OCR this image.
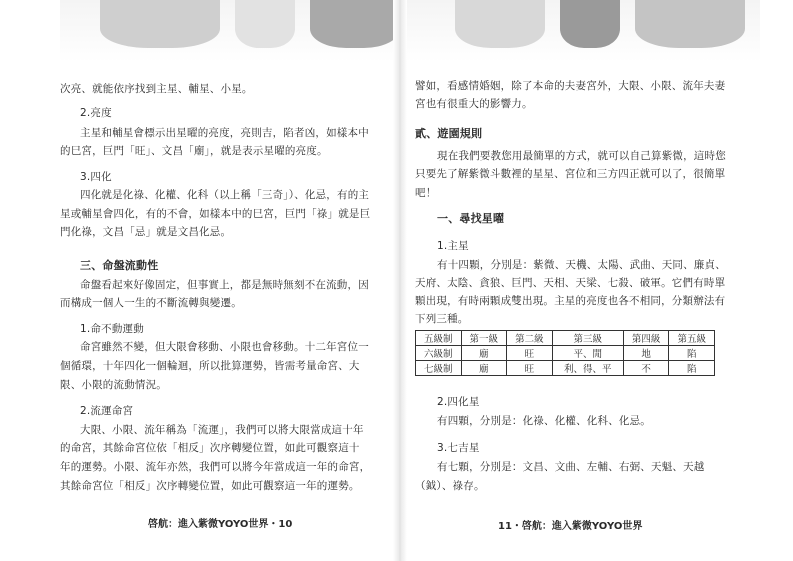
次亮、就能依序找到主星、輔星、小星。
2.亮度
主星和輔星會標示出星曜的亮度，亮則吉，陷者凶，如樣本中
的巳宮，巨門「旺」、文昌「廟」，就是表示星曜的亮度。
3.四化
四化就是化祿、化權、化科（以上稱「三奇」）、化忌，有的主
星或輔星會四化，有的不會，如樣本中的巳宮，巨門「祿」就是巨
門化祿，文昌「忌」就是文昌化忌。
三、命盤流動性
命盤看起來好像固定，但事實上，都是無時無刻不在流動，因
而構成一個人一生的不斷流轉與變遷。
1.命不動運動
命宮雖然不變，但大限會移動、小限也會移動。十二年宮位一
個循環，十年四化一個輪迴，所以批算運勢，皆需考量命宮、大
限、小限的流動情況。
2.流運命宮
大限、小限、流年稱為「流運」，我們可以將大限當成這十年
的命宮，其餘命宮位依「相反」次序轉變位置，如此可觀察這十
年的運勢。小限、流年亦然，我們可以將今年當成這一年的命宮，
其餘命宮位「相反」次序轉變位置，如此可觀察這一年的運勢。
啓航：進入紫微YOYO世界・10
譬如，看感情婚姻，除了本命的夫妻宮外，大限、小限、流年夫妻
宮也有很重大的影響力。
貳、遊園規則
現在我們要教您用最簡單的方式，就可以自己算紫微，這時您
只要先了解紫微斗數裡的星星、宮位和三方四正就可以了，很簡單
吧！
一、尋找星曜
1.主星
有十四顆，分別是：紫微、天機、太陽、武曲、天同、廉貞、
天府、太陰、貪狼、巨門、天相、天梁、七殺、破軍。它們有時單
顆出現，有時兩顆成雙出現。主星的亮度也各不相同，分類辦法有
下列三種。
2.四化星
有四顆，分別是：化祿、化權、化科、化忌。
3.七吉星
有七顆，分別是：文昌、文曲、左輔、右弼、天魁、天越
（鉞）、祿存。
11・啓航：進入紫微YOYO世界
五級制	第一級	第二級	第三級	第四級	第五級
六級制	廟	旺	平、閒	地	陷
七級制	廟	旺	利、得、平	不	陷
